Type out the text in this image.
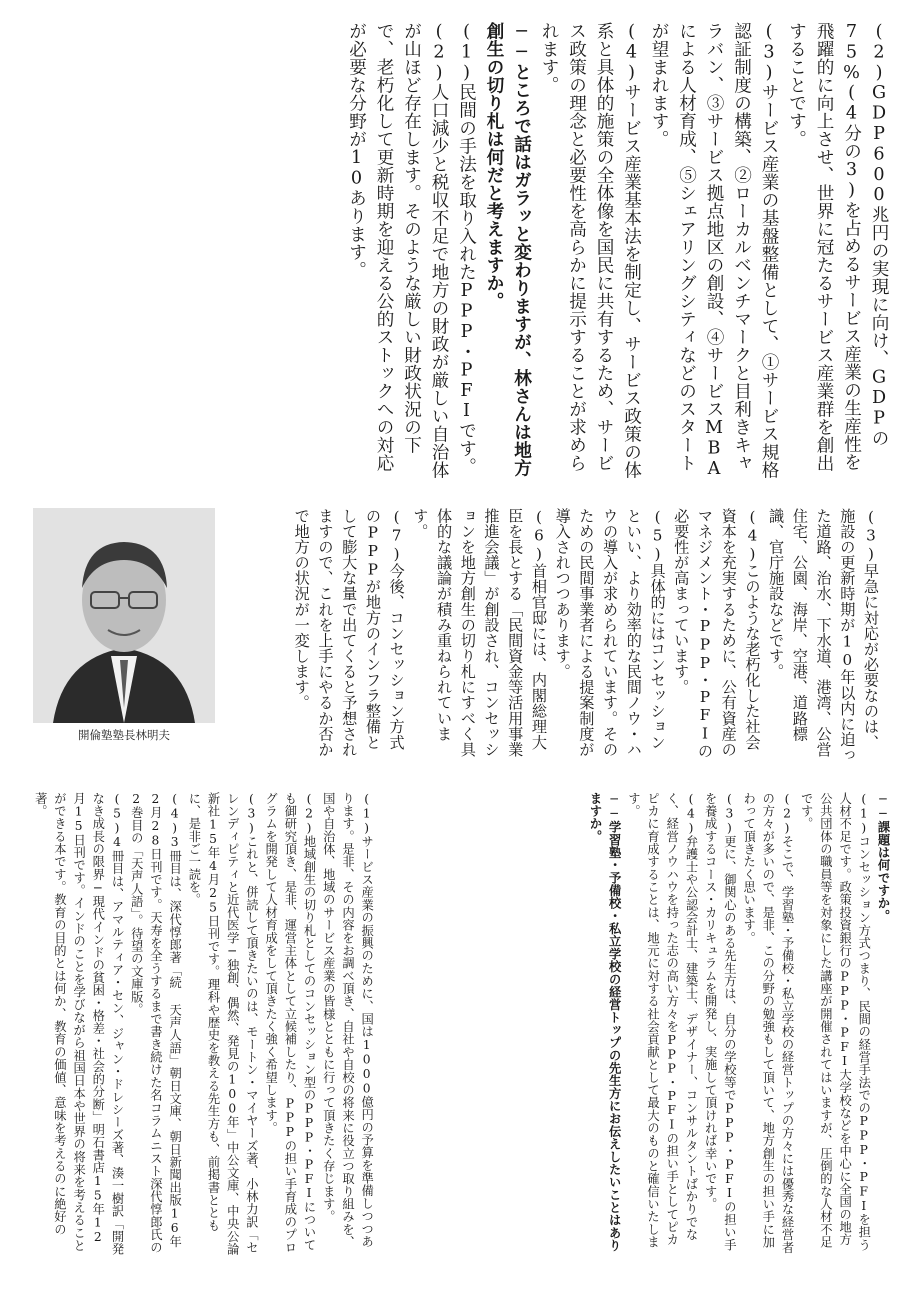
(2)GDP600兆円の実現に向け、GDPの75%(4分の3)を占めるサービス産業の生産性を飛躍的に向上させ、世界に冠たるサービス産業群を創出することです。

(3)サービス産業の基盤整備として、①サービス規格認証制度の構築、②ローカルベンチマークと目利きキャラバン、③サービス拠点地区の創設、④サービスMBAによる人材育成、⑤シェアリングシティなどのスタートが望まれます。

(4)サービス産業基本法を制定し、サービス政策の体系と具体的施策の全体像を国民に共有するため、サービス政策の理念と必要性を高らかに提示することが求められます。

──ところで話はガラッと変わりますが、林さんは地方創生の切り札は何だと考えますか。

(1)民間の手法を取り入れたPPP・PFIです。

(2)人口減少と税収不足で地方の財政が厳しい自治体が山ほど存在します。そのような厳しい財政状況の下で、老朽化して更新時期を迎える公的ストックへの対応が必要な分野が10あります。

(3)早急に対応が必要なのは、施設の更新時期が10年以内に迫った道路、治水、下水道、港湾、公営住宅、公園、海岸、空港、道路標識、官庁施設などです。

(4)このような老朽化した社会資本を充実するために、公有資産のマネジメント・PPP・PFIの必要性が高まっています。

(5)具体的にはコンセッションといい、より効率的な民間ノウ・ハウの導入が求められています。そのための民間事業者による提案制度が導入されつつあります。

(6)首相官邸には、内閣総理大臣を長とする「民間資金等活用事業推進会議」が創設され、コンセッションを地方創生の切り札にすべく具体的な議論が積み重ねられています。

(7)今後、コンセッション方式のPPPが地方のインフラ整備として膨大な量で出てくると予想されますので、これを上手にやるか否かで地方の状況が一変します。

開倫塾塾長林明夫

──課題は何ですか。

(1)コンセッション方式つまり、民間の経営手法でのPPP・PFIを担う人材不足です。政策投資銀行のPPP・PFI大学校などを中心に全国の地方公共団体の職員等を対象にした講座が開催されてはいますが、圧倒的な人材不足です。

(2)そこで、学習塾・予備校・私立学校の経営トップの方々には優秀な経営者の方々が多いので、是非、この分野の勉強もして頂いて、地方創生の担い手に加わって頂きたく思います。

(3)更に、御関心のある先生方は、自分の学校等でPPP・PFIの担い手を養成するコース・カリキュラムを開発し、実施して頂ければ幸いです。

(4)弁護士や公認会計士、建築士、デザイナー、コンサルタントばかりでなく、経営ノウハウを持った志の高い方々をPPP・PFIの担い手としてピカピカに育成することは、地元に対する社会貢献として最大のものと確信いたします。

──学習塾・予備校・私立学校の経営トップの先生方にお伝えしたいことはありますか。

(1)サービス産業の振興のために、国は1000億円の予算を準備しつつあります。是非、その内容をお調べ頂き、自社や自校の将来に役立つ取り組みを、国や自治体、地域のサービス産業の皆様とともに行って頂きたく存じます。

(2)地域創生の切り札としてのコンセッション型のPPP・PFIについても御研究頂き、是非、運営主体として立候補したり、PPPの担い手育成のプログラムを開発して人材育成をして頂きたく強く希望します。

(3)これと、併読して頂きたいのは、モートン・マイヤーズ著、小林力訳「セレンディピティと近代医学─独創、偶然、発見の100年」中公文庫、中央公論新社15年4月25日刊です。理科や歴史を教える先生方も、前掲書とともに、是非ご一読を。

(4)3冊目は、深代惇郎著「続 天声人語」朝日文庫、朝日新聞出版16年2月28日刊です。天寿を全うするまで書き続けた名コラムニスト深代惇郎氏の2巻目の「天声人語」。待望の文庫版。

(5)4冊目は、アマルティア・セン、ジャン・ドレシーズ著、湊一樹訳「開発なき成長の限界─現代インドの貧困・格差・社会的分断」明石書店15年12月15日刊です。インドのことを学びながら祖国日本や世界の将来を考えることができる本です。教育の目的とは何か、教育の価値、意味を考えるのに絶好の著。
